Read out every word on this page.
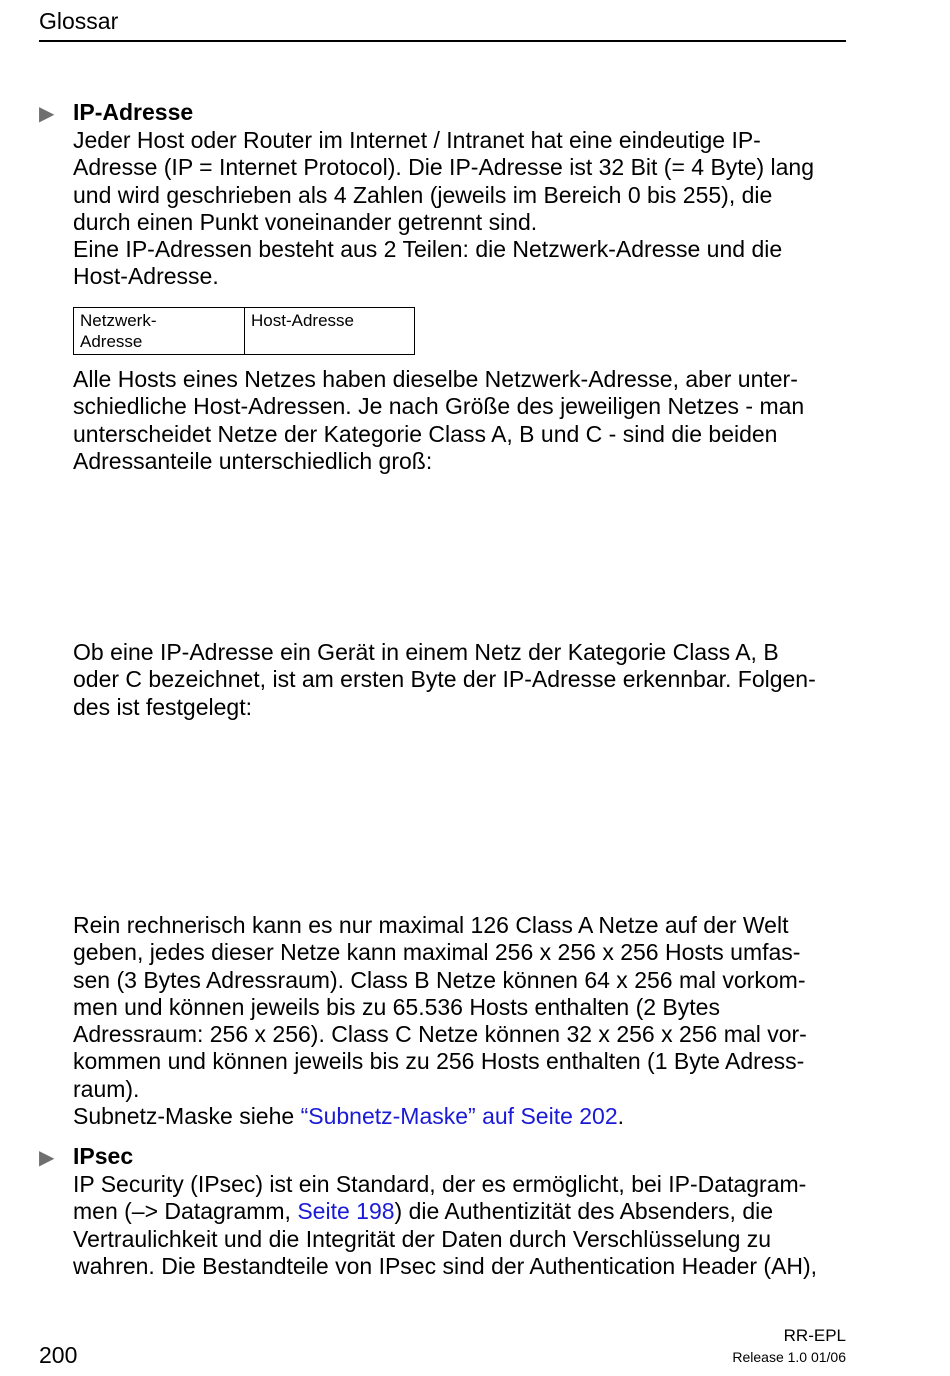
Glossar
▶ IP-Adresse
Jeder Host oder Router im Internet / Intranet hat eine eindeutige IP-
Adresse (IP = Internet Protocol). Die IP-Adresse ist 32 Bit (= 4 Byte) lang
und wird geschrieben als 4 Zahlen (jeweils im Bereich 0 bis 255), die
durch einen Punkt voneinander getrennt sind.
Eine IP-Adressen besteht aus 2 Teilen: die Netzwerk-Adresse und die
Host-Adresse.
Netzwerk-
Adresse
	Host-Adresse
Alle Hosts eines Netzes haben dieselbe Netzwerk-Adresse, aber unter-
schiedliche Host-Adressen. Je nach Größe des jeweiligen Netzes - man
unterscheidet Netze der Kategorie Class A, B und C - sind die beiden
Adressanteile unterschiedlich groß:
Ob eine IP-Adresse ein Gerät in einem Netz der Kategorie Class A, B
oder C bezeichnet, ist am ersten Byte der IP-Adresse erkennbar. Folgen-
des ist festgelegt:
Rein rechnerisch kann es nur maximal 126 Class A Netze auf der Welt
geben, jedes dieser Netze kann maximal 256 x 256 x 256 Hosts umfas-
sen (3 Bytes Adressraum). Class B Netze können 64 x 256 mal vorkom-
men und können jeweils bis zu 65.536 Hosts enthalten (2 Bytes
Adressraum: 256 x 256). Class C Netze können 32 x 256 x 256 mal vor-
kommen und können jeweils bis zu 256 Hosts enthalten (1 Byte Adress-
raum).
Subnetz-Maske siehe “Subnetz-Maske” auf Seite 202.
▶ IPsec
IP Security (IPsec) ist ein Standard, der es ermöglicht, bei IP-Datagram-
men (–> Datagramm, Seite 198) die Authentizität des Absenders, die
Vertraulichkeit und die Integrität der Daten durch Verschlüsselung zu
wahren. Die Bestandteile von IPsec sind der Authentication Header (AH),
200
RR-EPL
Release 1.0 01/06
